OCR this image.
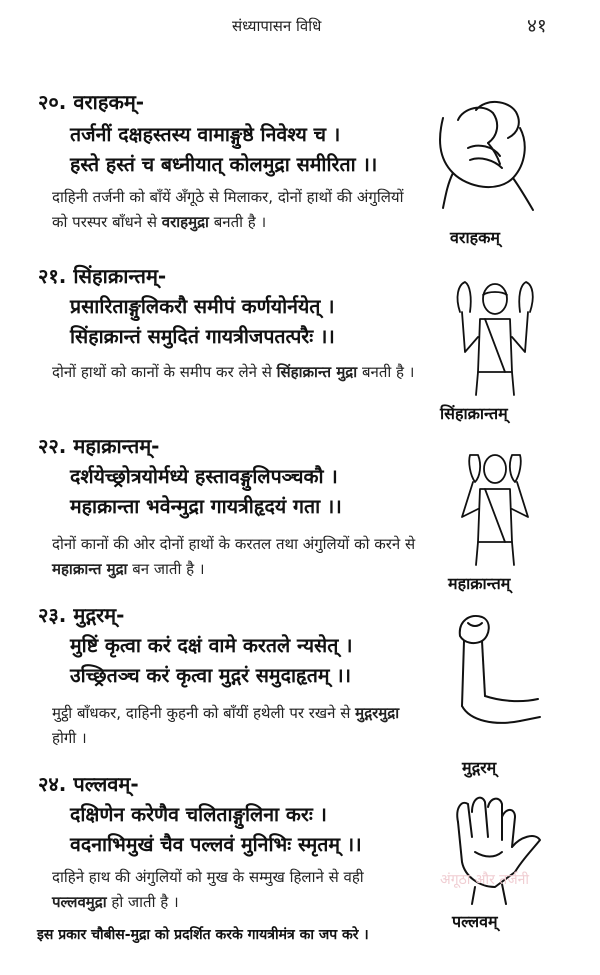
संध्यापासन विधि	४१
२०. वराहकम्-
तर्जनीं दक्षहस्तस्य वामाङ्गुष्ठे निवेश्य च ।
हस्ते हस्तं च बध्नीयात् कोलमुद्रा समीरिता ।।
दाहिनी तर्जनी को बाँयें अँगूठे से मिलाकर, दोनों हाथों की अंगुलियों को परस्पर बाँधने से वराहमुद्रा बनती है ।
वराहकम्
२१. सिंहाक्रान्तम्-
प्रसारिताङ्गुलिकरौ समीपं कर्णयोर्नयेत् ।
सिंहाक्रान्तं समुदितं गायत्रीजपतत्परैः ।।
दोनों हाथों को कानों के समीप कर लेने से सिंहाक्रान्त मुद्रा बनती है ।
सिंहाक्रान्तम्
२२. महाक्रान्तम्-
दर्शयेच्छ्रोत्रयोर्मध्ये हस्तावङ्गुलिपञ्चकौ ।
महाक्रान्ता भवेन्मुद्रा गायत्रीहृदयं गता ।।
दोनों कानों की ओर दोनों हाथों के करतल तथा अंगुलियों को करने से महाक्रान्त मुद्रा बन जाती है ।
महाक्रान्तम्
२३. मुद्गरम्-
मुष्टिं कृत्वा करं दक्षं वामे करतले न्यसेत् ।
उच्छ्रितञ्च करं कृत्वा मुद्गरं समुदाहृतम् ।।
मुट्ठी बाँधकर, दाहिनी कुहनी को बाँयीं हथेली पर रखने से मुद्गरमुद्रा होगी ।
मुद्गरम्
२४. पल्लवम्-
दक्षिणेन करेणैव चलिताङ्गुलिना करः ।
वदनाभिमुखं चैव पल्लवं मुनिभिः स्मृतम् ।।
दाहिने हाथ की अंगुलियों को मुख के सम्मुख हिलाने से वही पल्लवमुद्रा हो जाती है ।
पल्लवम्
अंगूठा और तर्जनी
इस प्रकार चौबीस-मुद्रा को प्रदर्शित करके गायत्रीमंत्र का जप करे ।
